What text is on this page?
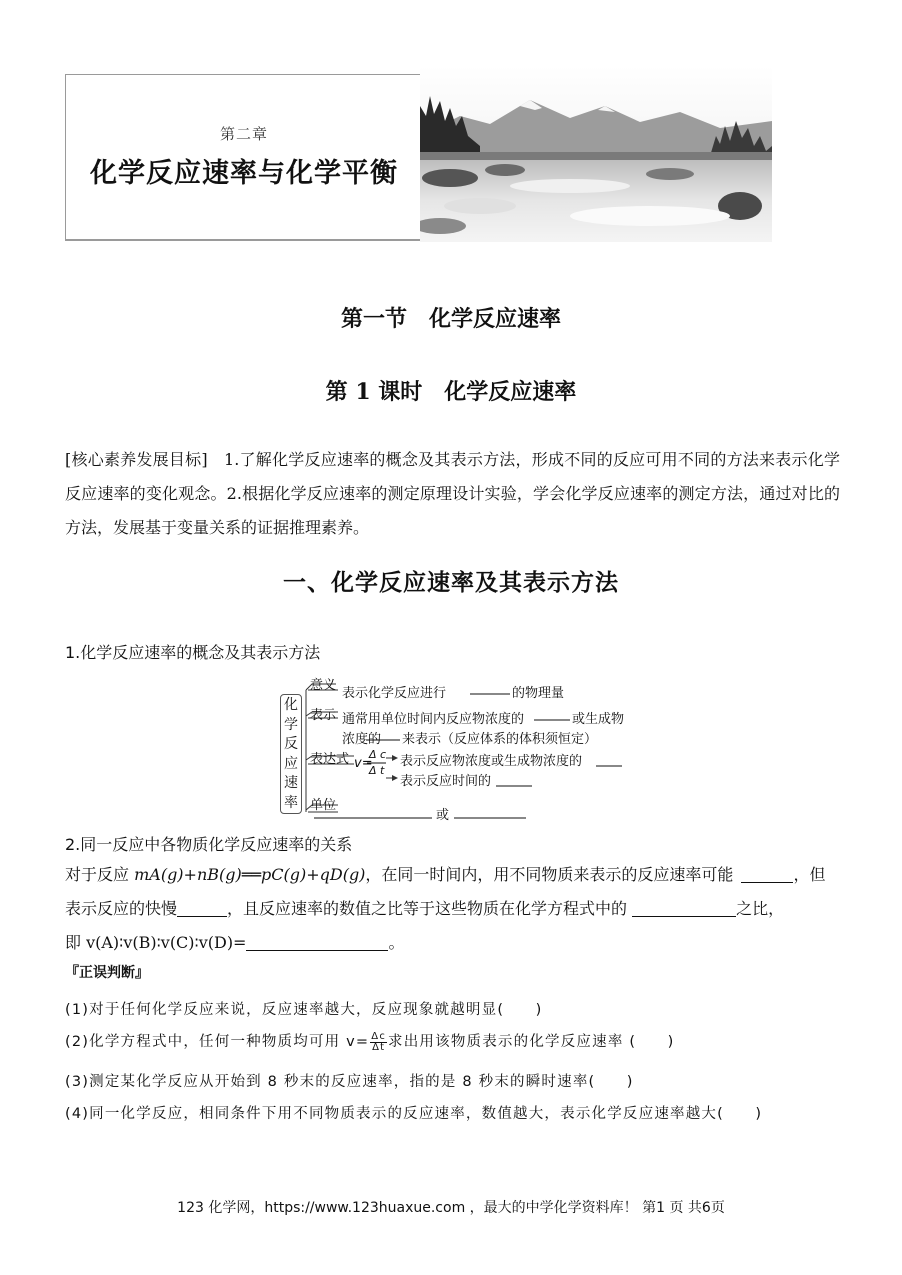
第二章
化学反应速率与化学平衡
第一节　化学反应速率
第 1 课时　化学反应速率
[核心素养发展目标]　1.了解化学反应速率的概念及其表示方法，形成不同的反应可用不同的方法来表示化学反应速率的变化观念。2.根据化学反应速率的测定原理设计实验，学会化学反应速率的测定方法，通过对比的方法，发展基于变量关系的证据推理素养。
一、化学反应速率及其表示方法
1.化学反应速率的概念及其表示方法
化
学
反
应
速
率
意义
表示化学反应进行	的物理量
表示 通常用单位时间内反应物浓度的	或生成物
浓度的 来表示（反应体系的体积须恒定）
表达式 v=
Δ c
Δ t
表示反应物浓度或生成物浓度的
表示反应时间的
单位
或
2.同一反应中各物质化学反应速率的关系
对于反应 mA(g)+nB(g)══pC(g)+qD(g)，在同一时间内，用不同物质来表示的反应速率可能	，但
表示反应的快慢	，且反应速率的数值之比等于这些物质在化学方程式中的	之比，
即 v(A)∶v(B)∶v(C)∶v(D)=	。
『正误判断』
(1)对于任何化学反应来说，反应速率越大，反应现象就越明显(　　)
(2)化学方程式中，任何一种物质均可用 $v= \frac{\Delta c}{\Delta t}$ 求出用该物质表示的化学反应速率 (　　)
(3)测定某化学反应从开始到 8 秒末的反应速率，指的是 8 秒末的瞬时速率(　　)
(4)同一化学反应，相同条件下用不同物质表示的反应速率，数值越大，表示化学反应速率越大(　　)
123 化学网，https://www.123huaxue.com ，最大的中学化学资料库！ 第1 页 共6页
